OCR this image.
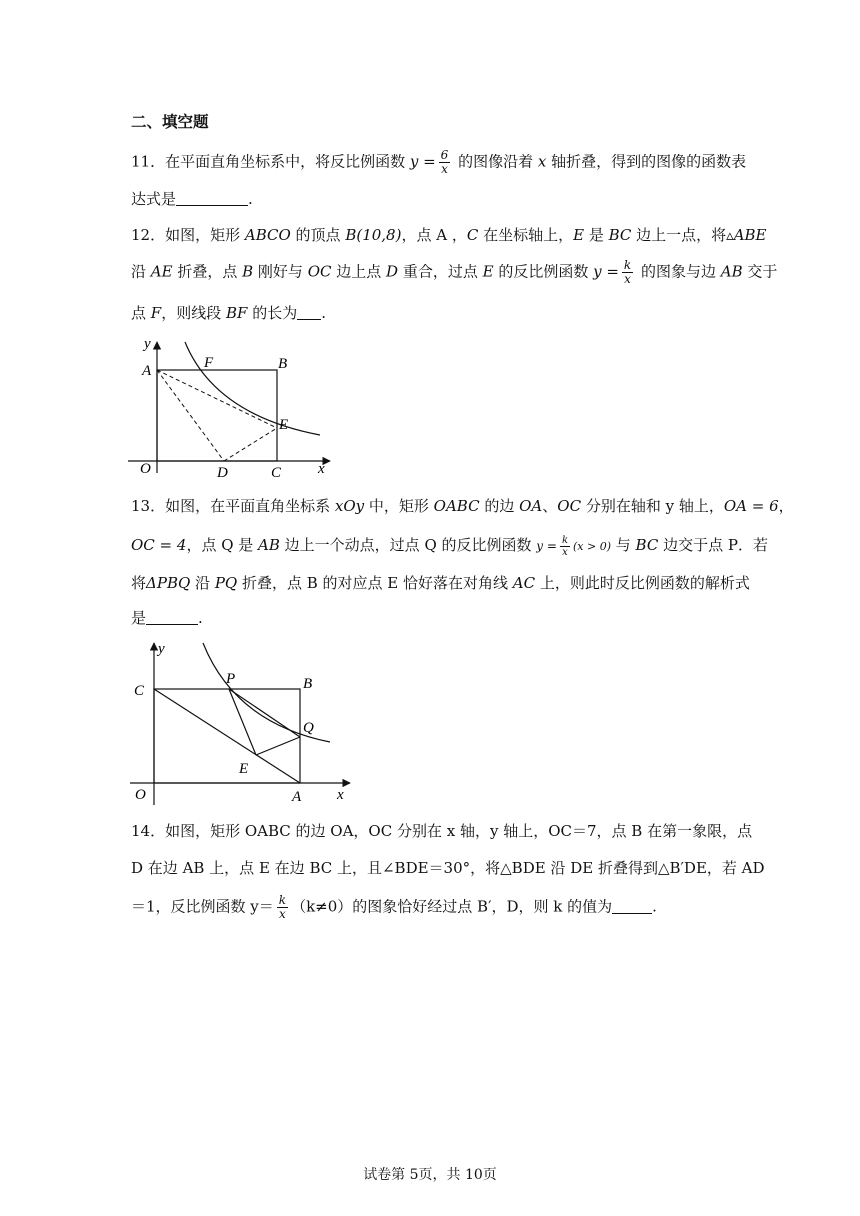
二、填空题
11．在平面直角坐标系中，将反比例函数 $y = \frac{6}{x}$ 的图像沿着 x 轴折叠，得到的图像的函数表
达式是	.
12．如图，矩形 ABCO 的顶点 B(10,8)，点 A ，C 在坐标轴上，E 是 BC 边上一点，将▵ABE
沿 AE 折叠，点 B 刚好与 OC 边上点 D 重合，过点 E 的反比例函数 $y = \frac{k}{x}$ 的图象与边 AB 交于
点 F，则线段 BF 的长为 .
y
x
O
A	F	B
E
D	C
13．如图，在平面直角坐标系 xOy 中，矩形 OABC 的边 OA、OC 分别在轴和 y 轴上，OA = 6，
OC = 4，点 Q 是 AB 边上一个动点，过点 Q 的反比例函数 $y = \frac{k}{x} (x > 0)$ 与 BC 边交于点 P．若
将ΔPBQ 沿 PQ 折叠，点 B 的对应点 E 恰好落在对角线 AC 上，则此时反比例函数的解析式
是	.
y
x
O
C
P	B
Q
E
A
14．如图，矩形 OABC 的边 OA，OC 分别在 x 轴，y 轴上，OC＝7，点 B 在第一象限，点
D 在边 AB 上，点 E 在边 BC 上，且∠BDE＝30°，将△BDE 沿 DE 折叠得到△B′DE，若 AD
＝1，反比例函数 $y= \frac{k}{x} (k\ne 0)$的图象恰好经过点 B′，D，则 k 的值为	.
试卷第 5页，共 10页
